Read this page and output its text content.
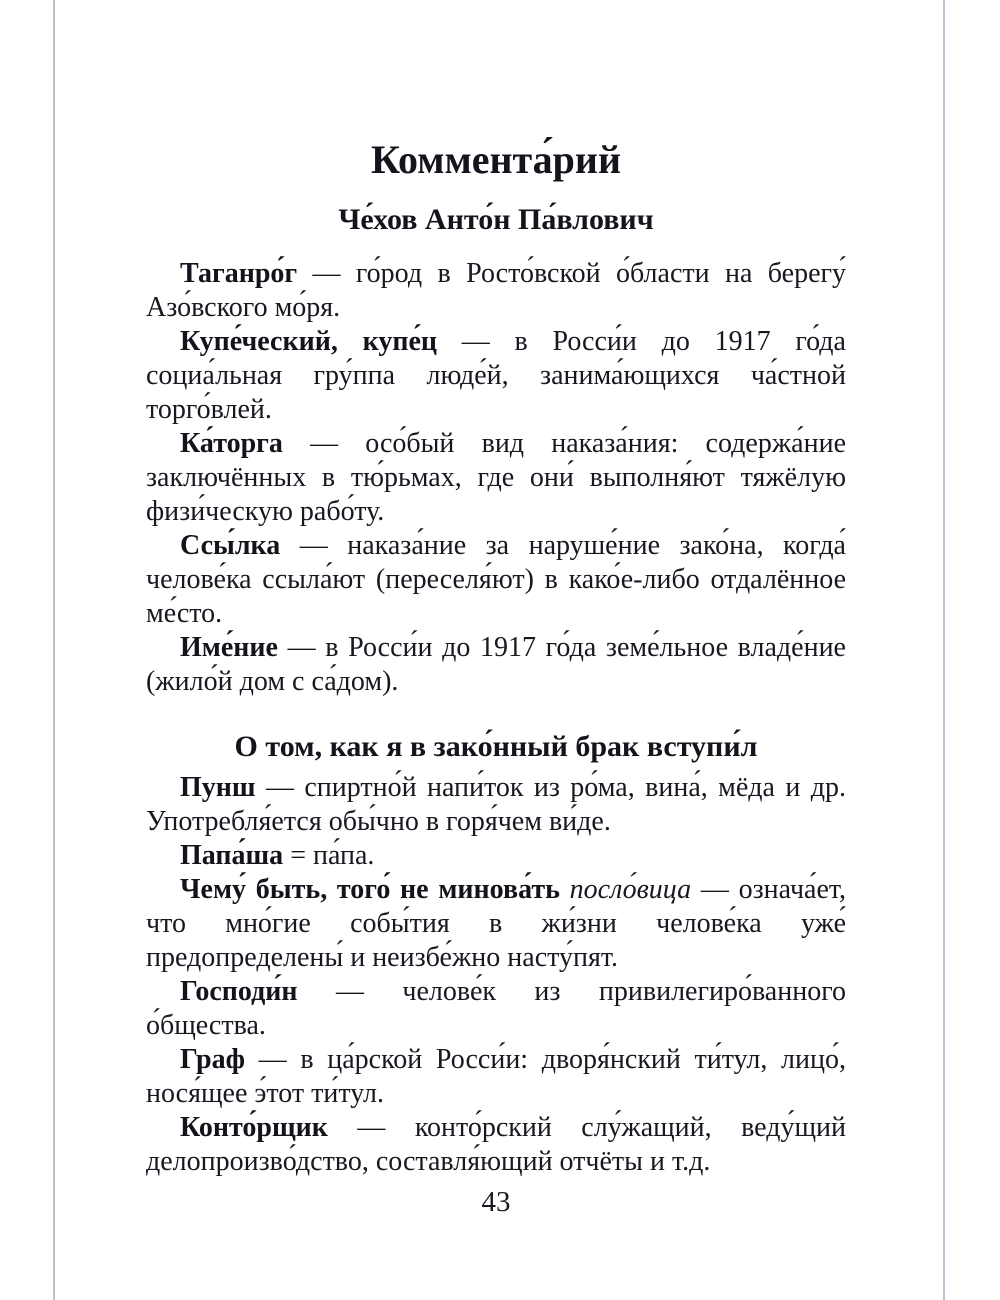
Коммента́рий
Че́хов Анто́н Па́влович

Таганро́г — го́род в Росто́вской о́бласти на берегу́ Азо́вского мо́ря.

Купе́ческий, купе́ц — в Росси́и до 1917 го́да социа́льная гру́ппа люде́й, занима́ющихся ча́стной торго́влей.

Ка́торга — осо́бый вид наказа́ния: содержа́ние заключённых в тю́рьмах, где они́ выполня́ют тяжёлую физи́ческую рабо́ту.

Ссы́лка — наказа́ние за наруше́ние зако́на, когда́ челове́ка ссыла́ют (переселя́ют) в како́е-либо отдалённое ме́сто.

Име́ние — в Росси́и до 1917 го́да земе́льное владе́ние (жило́й дом с са́дом).

О том, как я в зако́нный брак вступи́л

Пунш — спиртно́й напи́ток из ро́ма, вина́, мёда и др. Употребля́ется обы́чно в горя́чем ви́де.

Папа́ша = па́па.

Чему́ быть, того́ не минова́ть посло́вица — означа́ет, что мно́гие собы́тия в жи́зни челове́ка уже́ предопределены́ и неизбе́жно насту́пят.

Господи́н — челове́к из привилегиро́ванного о́бщества.

Граф — в ца́рской Росси́и: дворя́нский ти́тул, лицо́, нося́щее э́тот ти́тул.

Конто́рщик — конто́рский слу́жащий, веду́щий делопроизво́дство, составля́ющий отчёты и т.д.

43
